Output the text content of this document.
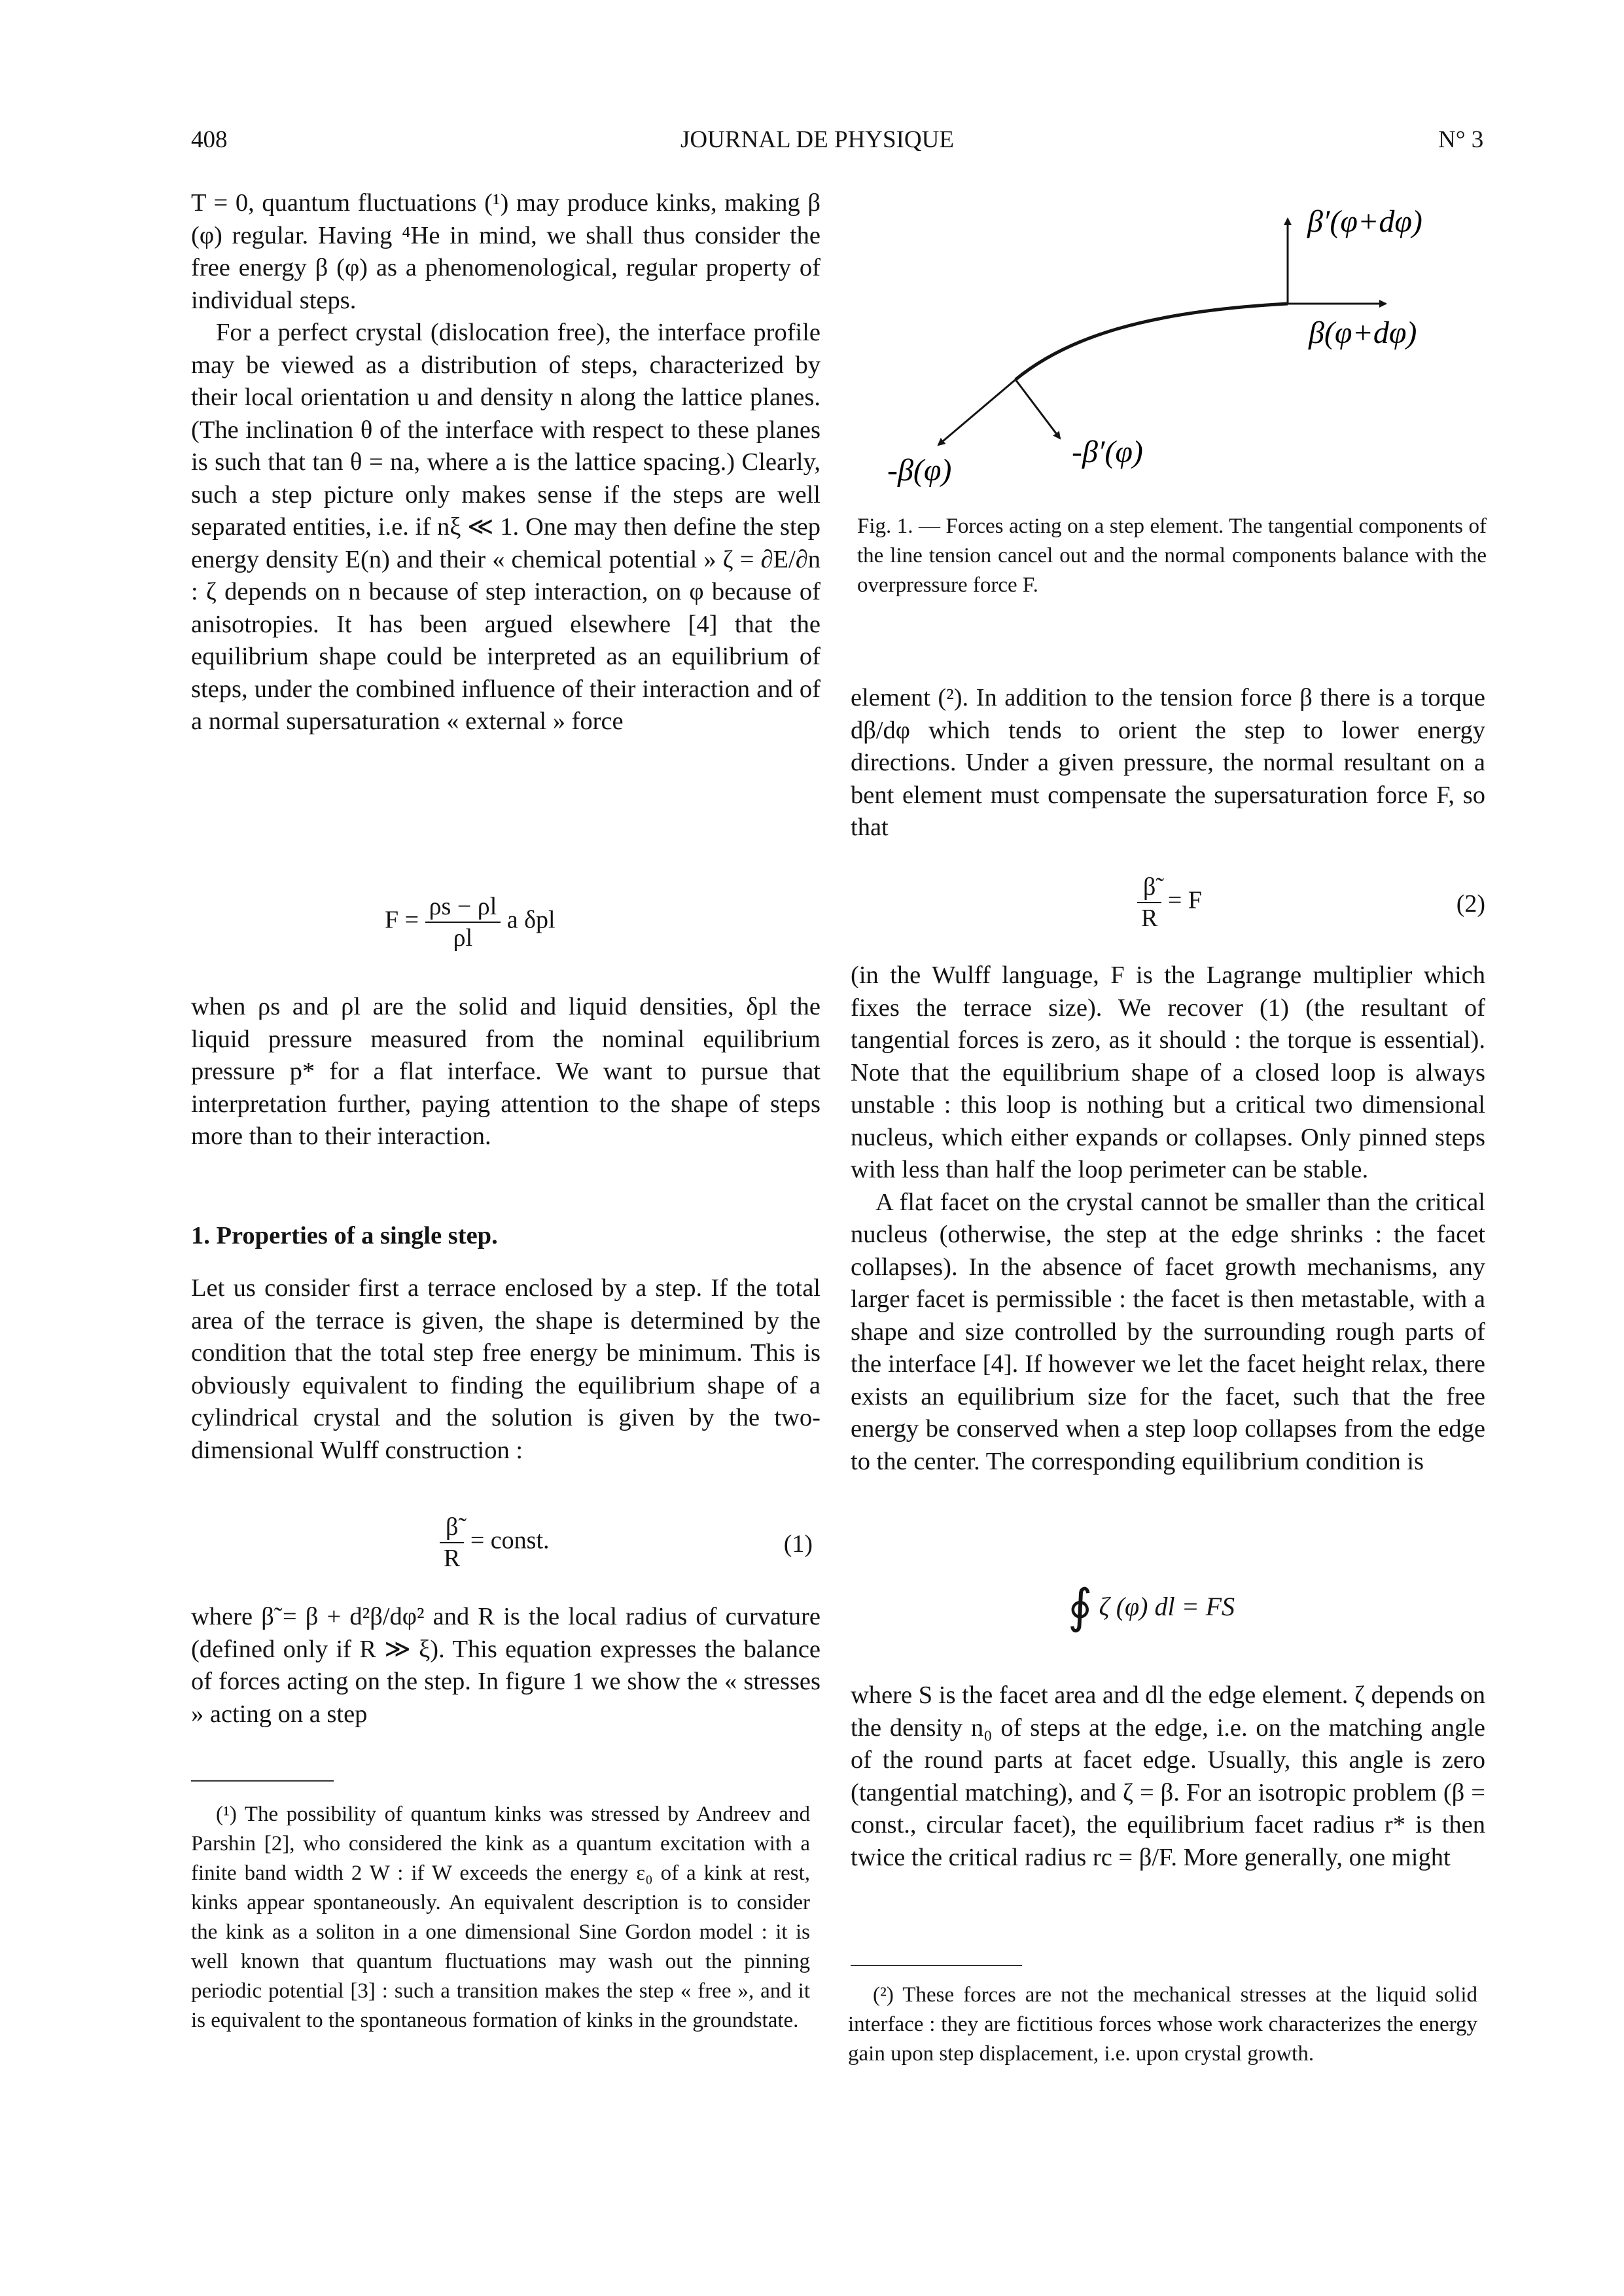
408	JOURNAL DE PHYSIQUE	N° 3

T = 0, quantum fluctuations (¹) may produce kinks, making β (φ) regular. Having ⁴He in mind, we shall thus consider the free energy β (φ) as a phenomenological, regular property of individual steps.

For a perfect crystal (dislocation free), the interface profile may be viewed as a distribution of steps, characterized by their local orientation u and density n along the lattice planes. (The inclination θ of the interface with respect to these planes is such that tan θ = na, where a is the lattice spacing.) Clearly, such a step picture only makes sense if the steps are well separated entities, i.e. if nξ ≪ 1. One may then define the step energy density E(n) and their « chemical potential » ζ = ∂E/∂n : ζ depends on n because of step interaction, on φ because of anisotropies. It has been argued elsewhere [4] that the equilibrium shape could be interpreted as an equilibrium of steps, under the combined influence of their interaction and of a normal supersaturation « external » force

$F = \frac{\rho s - \rho l}{\rho l}$ a δpl

when ρs and ρl are the solid and liquid densities, δpl the liquid pressure measured from the nominal equilibrium pressure p* for a flat interface. We want to pursue that interpretation further, paying attention to the shape of steps more than to their interaction.

1. Properties of a single step.

Let us consider first a terrace enclosed by a step. If the total area of the terrace is given, the shape is determined by the condition that the total step free energy be minimum. This is obviously equivalent to finding the equilibrium shape of a cylindrical crystal and the solution is given by the two-dimensional Wulff construction :

$\frac{\betã}{R}$ = const.	(1)

where β̃ = β + d²β/dφ² and R is the local radius of curvature (defined only if R ≫ ξ). This equation expresses the balance of forces acting on the step. In figure 1 we show the « stresses » acting on a step

(¹) The possibility of quantum kinks was stressed by Andreev and Parshin [2], who considered the kink as a quantum excitation with a finite band width 2 W : if W exceeds the energy ε₀ of a kink at rest, kinks appear spontaneously. An equivalent description is to consider the kink as a soliton in a one dimensional Sine Gordon model : it is well known that quantum fluctuations may wash out the pinning periodic potential [3] : such a transition makes the step « free », and it is equivalent to the spontaneous formation of kinks in the groundstate.

β′(φ+dφ)
β(φ+dφ)
-β(φ)
-β′(φ)
Fig. 1. — Forces acting on a step element. The tangential components of the line tension cancel out and the normal components balance with the overpressure force F.

element (²). In addition to the tension force β there is a torque dβ/dφ which tends to orient the step to lower energy directions. Under a given pressure, the normal resultant on a bent element must compensate the supersaturation force F, so that

$\frac{\betã}{R} = F$	(2)

(in the Wulff language, F is the Lagrange multiplier which fixes the terrace size). We recover (1) (the resultant of tangential forces is zero, as it should : the torque is essential). Note that the equilibrium shape of a closed loop is always unstable : this loop is nothing but a critical two dimensional nucleus, which either expands or collapses. Only pinned steps with less than half the loop perimeter can be stable.

A flat facet on the crystal cannot be smaller than the critical nucleus (otherwise, the step at the edge shrinks : the facet collapses). In the absence of facet growth mechanisms, any larger facet is permissible : the facet is then metastable, with a shape and size controlled by the surrounding rough parts of the interface [4]. If however we let the facet height relax, there exists an equilibrium size for the facet, such that the free energy be conserved when a step loop collapses from the edge to the center. The corresponding equilibrium condition is

∮ ζ (φ) dl = FS

where S is the facet area and dl the edge element. ζ depends on the density n₀ of steps at the edge, i.e. on the matching angle of the round parts at facet edge. Usually, this angle is zero (tangential matching), and ζ = β. For an isotropic problem (β = const., circular facet), the equilibrium facet radius r* is then twice the critical radius rc = β/F. More generally, one might

(²) These forces are not the mechanical stresses at the liquid solid interface : they are fictitious forces whose work characterizes the energy gain upon step displacement, i.e. upon crystal growth.
